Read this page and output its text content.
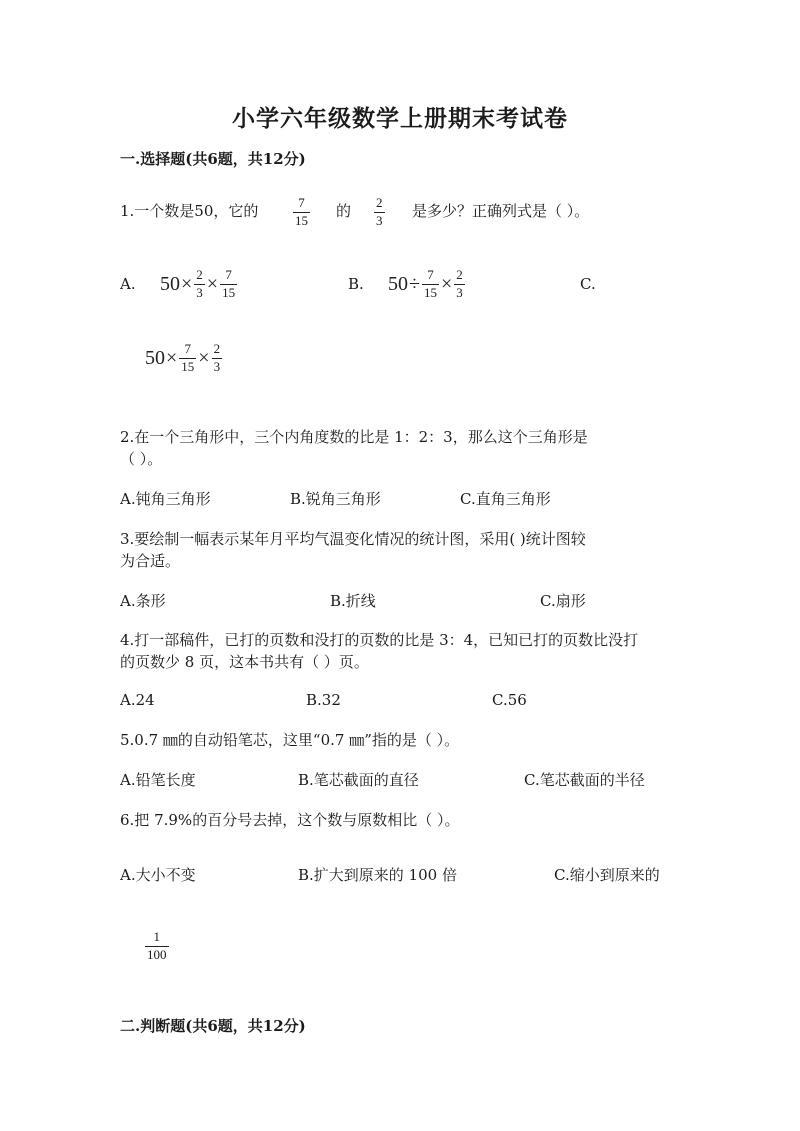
小学六年级数学上册期末考试卷
一.选择题(共6题，共12分)
1.一个数是50，它的	7
15
的 2
3
是多少？正确列式是（ ）。
A. $50 \times \frac{2}{3} \times \frac{7}{15}$	B. $50 \div \frac{7}{15} \times \frac{2}{3}$	C.
$50 \times \frac{7}{15} \times \frac{2}{3}$
2.在一个三角形中，三个内角度数的比是 1：2：3，那么这个三角形是
（ ）。
A.钝角三角形	B.锐角三角形	C.直角三角形
3.要绘制一幅表示某年月平均气温变化情况的统计图，采用( )统计图较
为合适。
A.条形	B.折线	C.扇形
4.打一部稿件，已打的页数和没打的页数的比是 3：4，已知已打的页数比没打
的页数少 8 页，这本书共有（ ）页。
A.24	B.32	C.56
5.0.7 ㎜的自动铅笔芯，这里“0.7 ㎜”指的是（ ）。
A.铅笔长度	B.笔芯截面的直径	C.笔芯截面的半径
6.把 7.9%的百分号去掉，这个数与原数相比（ ）。
A.大小不变	B.扩大到原来的 100 倍	C.缩小到原来的
1
100
二.判断题(共6题，共12分)
